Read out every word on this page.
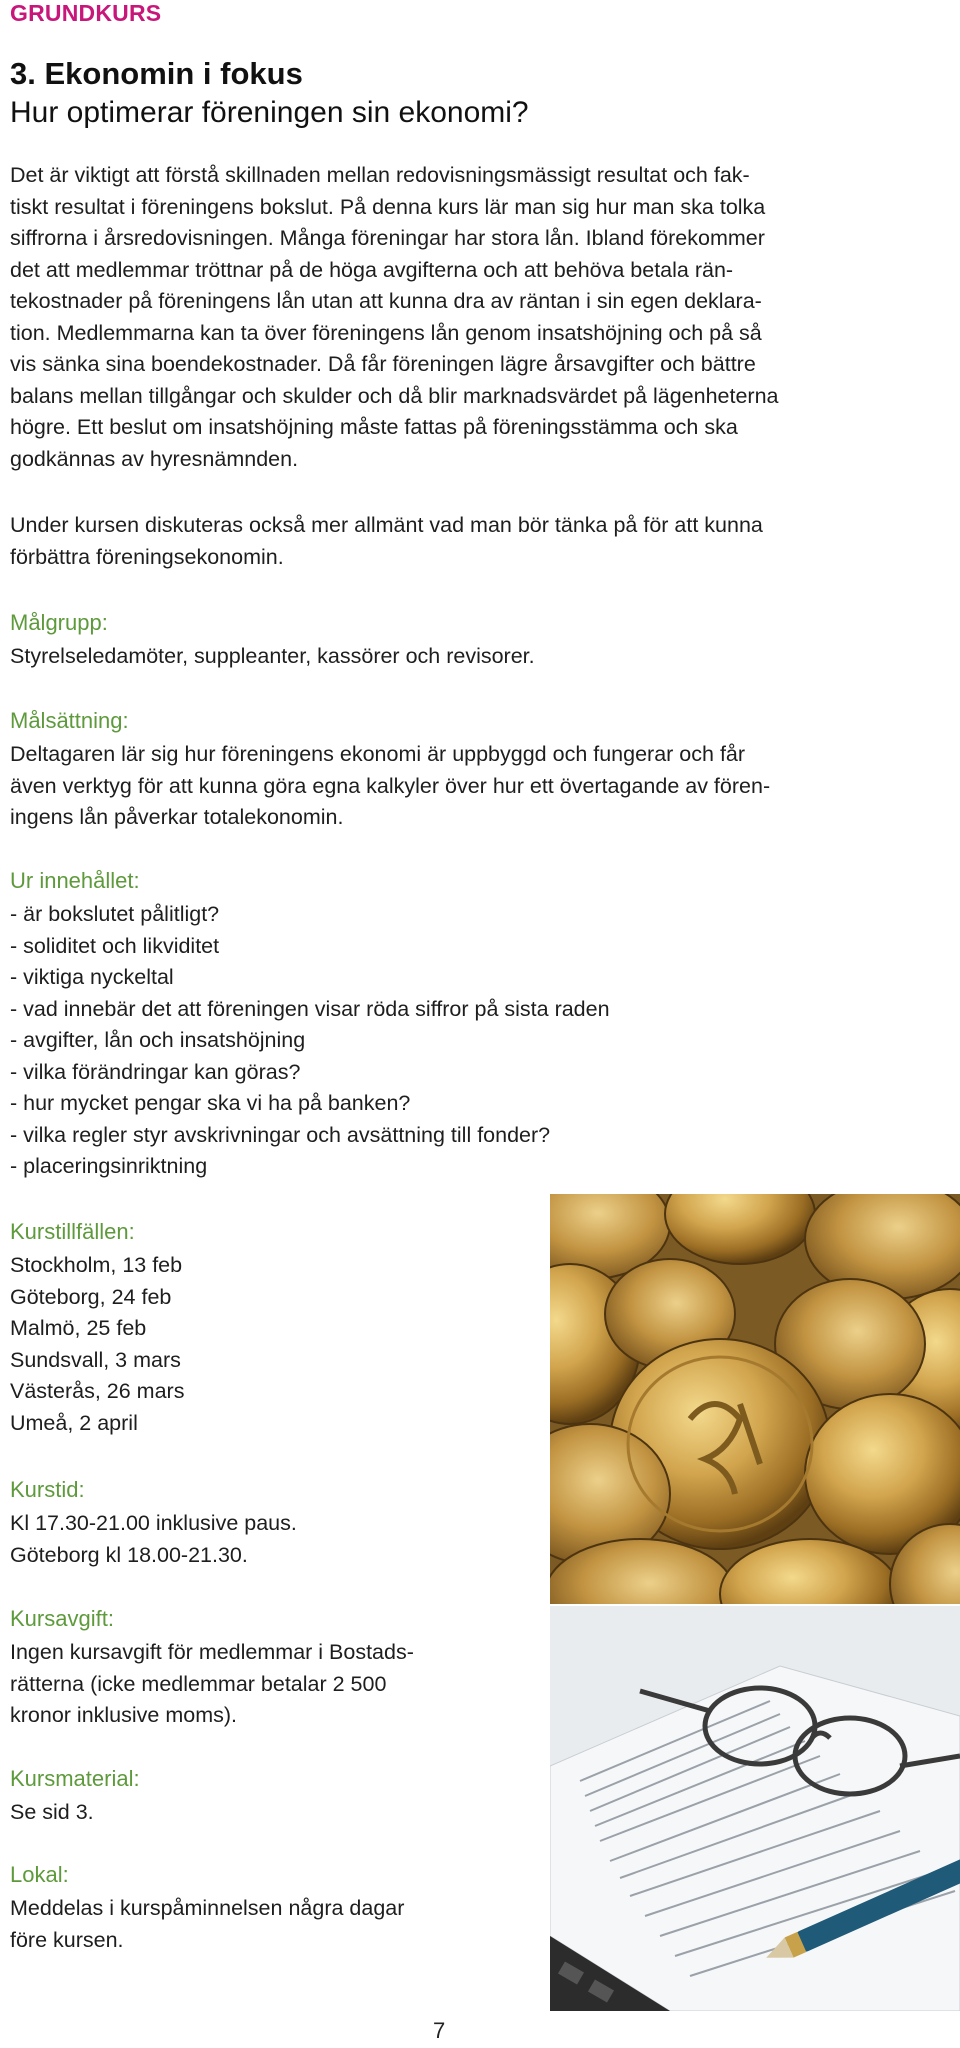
GRUNDKURS
3. Ekonomin i fokus
Hur optimerar föreningen sin ekonomi?
Det är viktigt att förstå skillnaden mellan redovisningsmässigt resultat och fak-
tiskt resultat i föreningens bokslut. På denna kurs lär man sig hur man ska tolka
siffrorna i årsredovisningen. Många föreningar har stora lån. Ibland förekommer
det att medlemmar tröttnar på de höga avgifterna och att behöva betala rän-
tekostnader på föreningens lån utan att kunna dra av räntan i sin egen deklara-
tion. Medlemmarna kan ta över föreningens lån genom insatshöjning och på så
vis sänka sina boendekostnader. Då får föreningen lägre årsavgifter och bättre
balans mellan tillgångar och skulder och då blir marknadsvärdet på lägenheterna
högre. Ett beslut om insatshöjning måste fattas på föreningsstämma och ska
godkännas av hyresnämnden.
Under kursen diskuteras också mer allmänt vad man bör tänka på för att kunna
förbättra föreningsekonomin.
Målgrupp:
Styrelseledamöter, suppleanter, kassörer och revisorer.
Målsättning:
Deltagaren lär sig hur föreningens ekonomi är uppbyggd och fungerar och får
även verktyg för att kunna göra egna kalkyler över hur ett övertagande av fören-
ingens lån påverkar totalekonomin.
Ur innehållet:
- är bokslutet pålitligt?
- soliditet och likviditet
- viktiga nyckeltal
- vad innebär det att föreningen visar röda siffror på sista raden
- avgifter, lån och insatshöjning
- vilka förändringar kan göras?
- hur mycket pengar ska vi ha på banken?
- vilka regler styr avskrivningar och avsättning till fonder?
- placeringsinriktning
Kurstillfällen:
Stockholm, 13 feb
Göteborg, 24 feb
Malmö, 25 feb
Sundsvall, 3 mars
Västerås, 26 mars
Umeå, 2 april
Kurstid:
Kl 17.30-21.00 inklusive paus.
Göteborg kl 18.00-21.30.
Kursavgift:
Ingen kursavgift för medlemmar i Bostads-
rätterna (icke medlemmar betalar 2 500
kronor inklusive moms).
Kursmaterial:
Se sid 3.
Lokal:
Meddelas i kurspåminnelsen några dagar
före kursen.
7
